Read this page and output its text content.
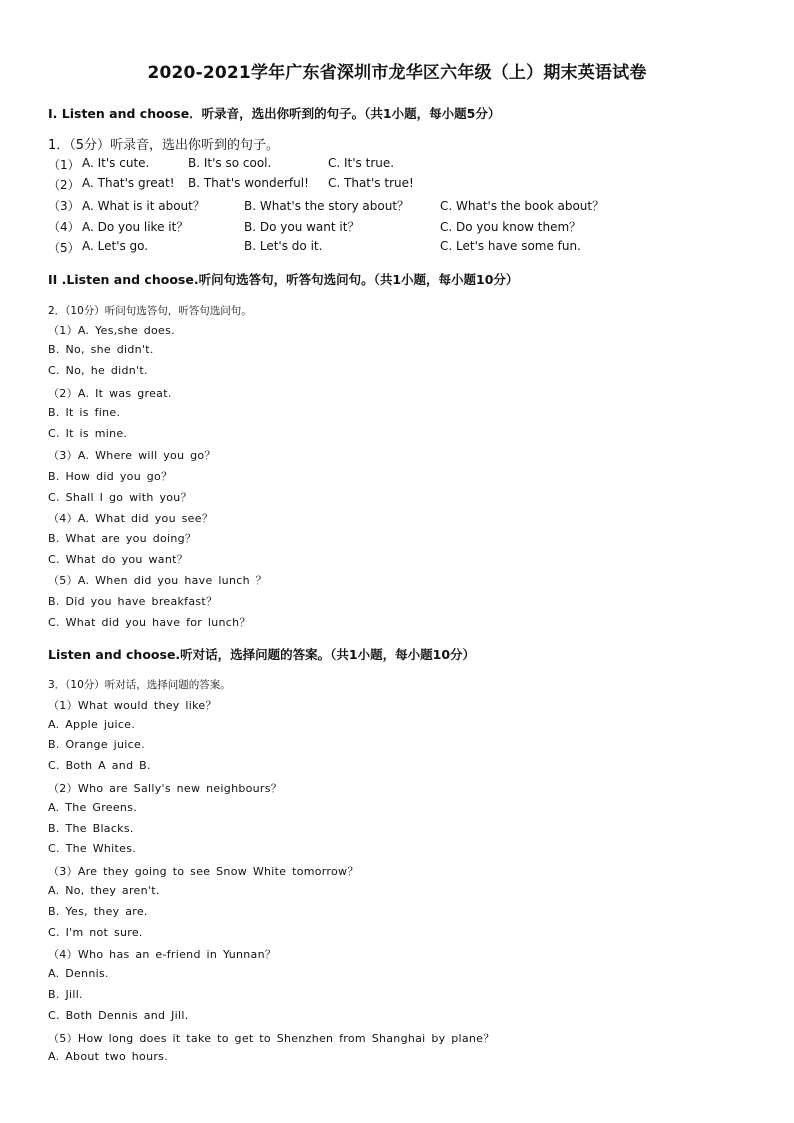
2020-2021学年广东省深圳市龙华区六年级（上）期末英语试卷
I. Listen and choose．听录音，选出你听到的句子。（共1小题，每小题5分）
1．（5分）听录音，选出你听到的句子。
（1） A. It's cute.	B. It's so cool.	C. It's true.
（2） A. That's great! B. That's wonderful! C. That's true!
（3） A. What is it about？	B. What's the story about？	C. What's the book about？
（4） A. Do you like it？	B. Do you want it？	C. Do you know them？
（5） A. Let's go.	B. Let's do it.	C. Let's have some fun.
II .Listen and choose.听问句选答句，听答句选问句。（共1小题，每小题10分）
2．（10分）听问句选答句，听答句选问句。
（1）A. Yes,she does.
B. No, she didn't.
C. No, he didn't.
（2）A. It was great.
B. It is fine.
C. It is mine.
（3）A. Where will you go？
B. How did you go？
C. Shall I go with you？
（4）A. What did you see？
B. What are you doing？
C. What do you want？
（5）A. When did you have lunch ？
B. Did you have breakfast？
C. What did you have for lunch？
Listen and choose.听对话，选择问题的答案。（共1小题，每小题10分）
3．（10分）听对话，选择问题的答案。
（1）What would they like？
A. Apple juice.
B. Orange juice.
C. Both A and B.
（2）Who are Sally's new neighbours？
A. The Greens.
B. The Blacks.
C. The Whites.
（3）Are they going to see Snow White tomorrow？
A. No, they aren't.
B. Yes, they are.
C. I'm not sure.
（4）Who has an e-friend in Yunnan？
A. Dennis.
B. Jill.
C. Both Dennis and Jill.
（5）How long does it take to get to Shenzhen from Shanghai by plane？
A. About two hours.
